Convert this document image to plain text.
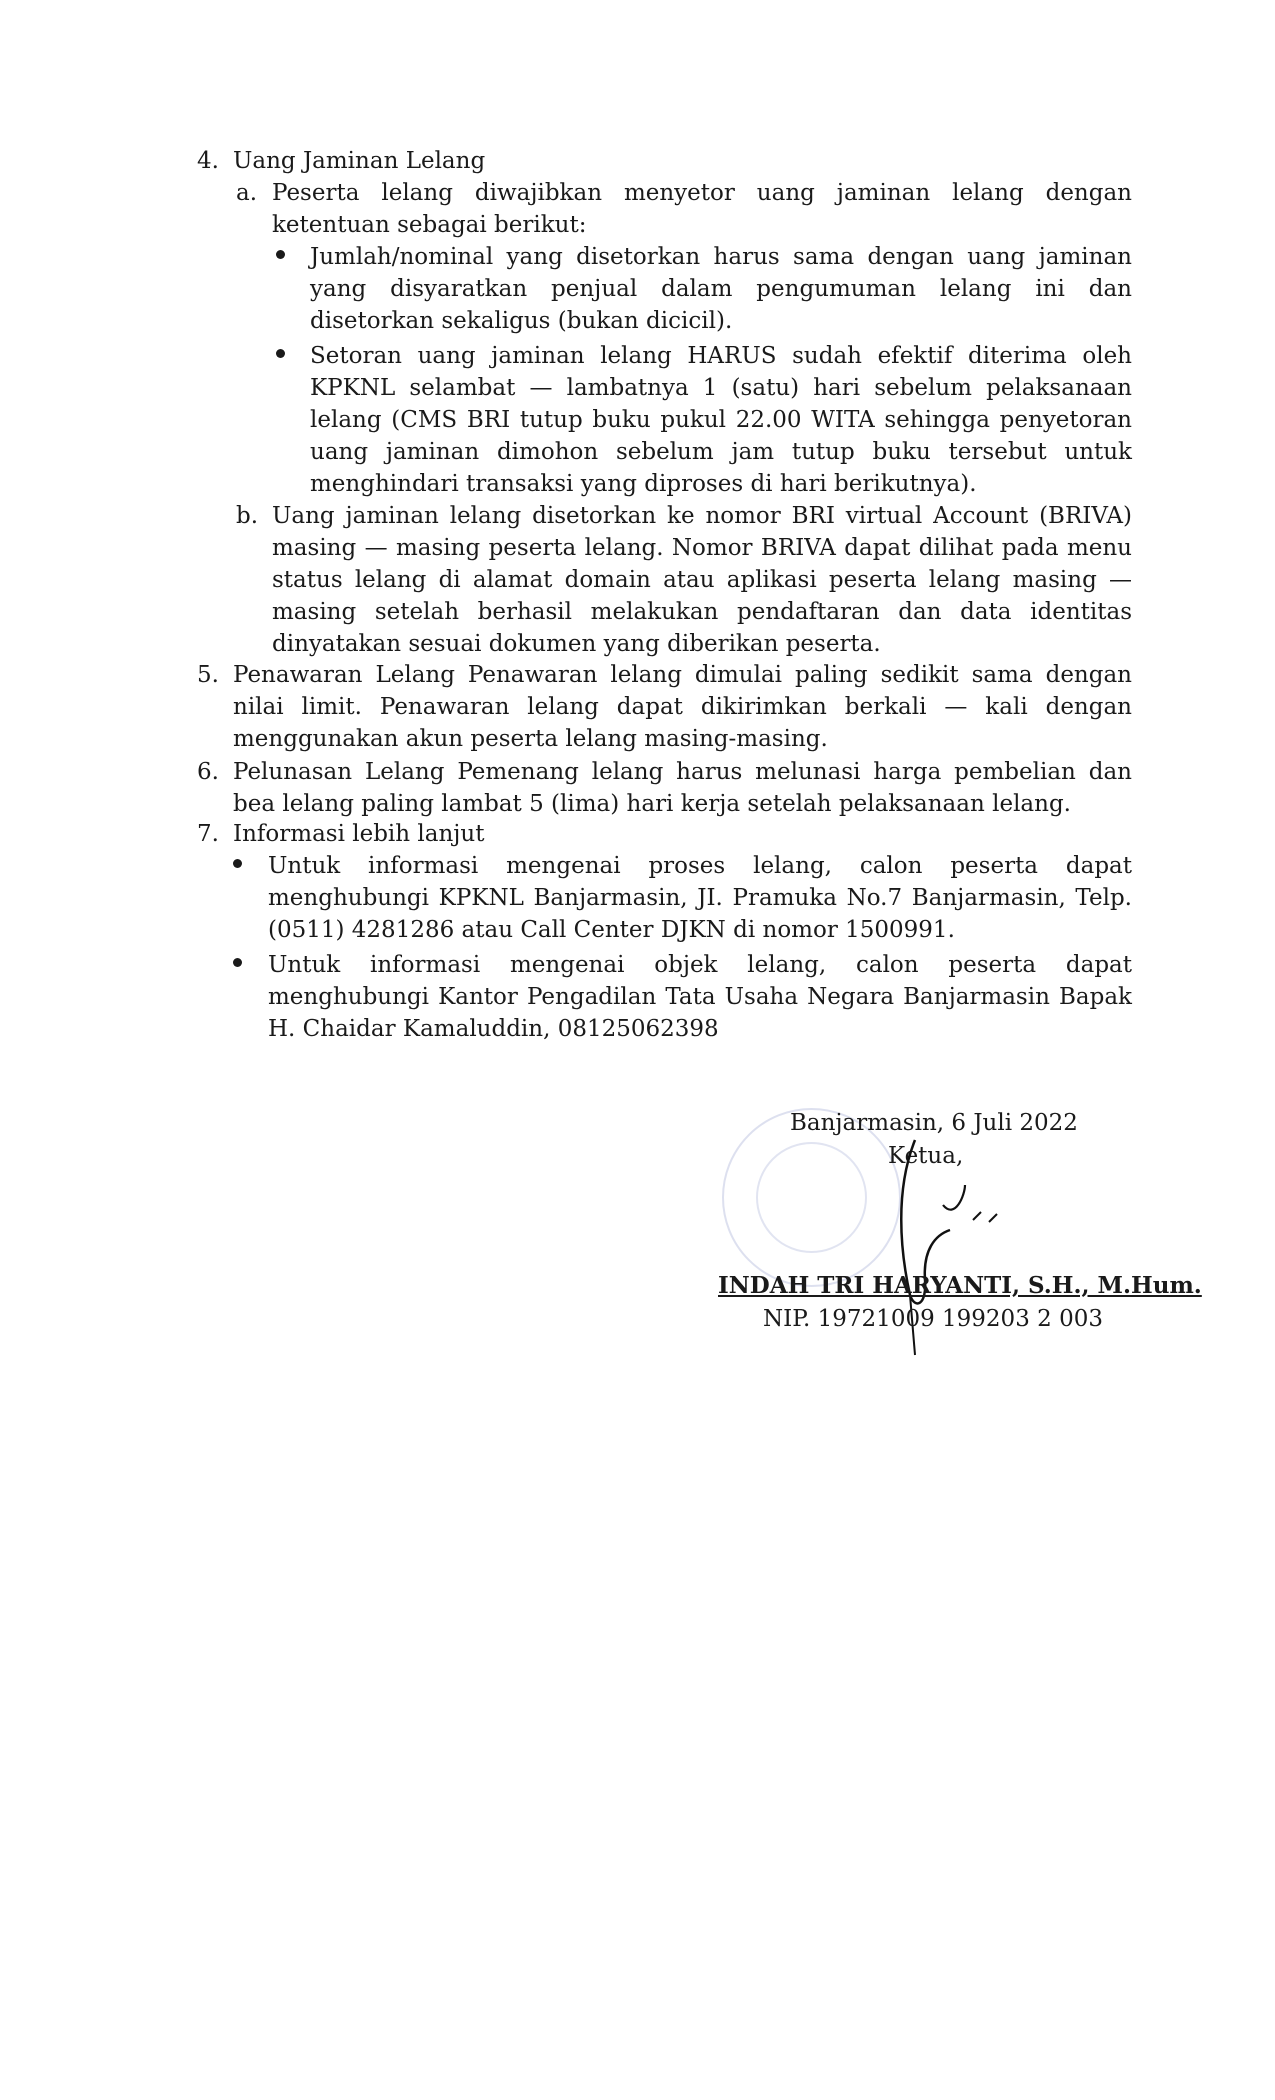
4. Uang Jaminan Lelang
a. Peserta lelang diwajibkan menyetor uang jaminan lelang dengan ketentuan sebagai berikut:
Jumlah/nominal yang disetorkan harus sama dengan uang jaminan yang disyaratkan penjual dalam pengumuman lelang ini dan disetorkan sekaligus (bukan dicicil).
Setoran uang jaminan lelang HARUS sudah efektif diterima oleh KPKNL selambat — lambatnya 1 (satu) hari sebelum pelaksanaan lelang (CMS BRI tutup buku pukul 22.00 WITA sehingga penyetoran uang jaminan dimohon sebelum jam tutup buku tersebut untuk menghindari transaksi yang diproses di hari berikutnya).
b. Uang jaminan lelang disetorkan ke nomor BRI virtual Account (BRIVA) masing — masing peserta lelang. Nomor BRIVA dapat dilihat pada menu status lelang di alamat domain atau aplikasi peserta lelang masing — masing setelah berhasil melakukan pendaftaran dan data identitas dinyatakan sesuai dokumen yang diberikan peserta.
5. Penawaran Lelang Penawaran lelang dimulai paling sedikit sama dengan nilai limit. Penawaran lelang dapat dikirimkan berkali — kali dengan menggunakan akun peserta lelang masing-masing.
6. Pelunasan Lelang Pemenang lelang harus melunasi harga pembelian dan bea lelang paling lambat 5 (lima) hari kerja setelah pelaksanaan lelang.
7. Informasi lebih lanjut
Untuk informasi mengenai proses lelang, calon peserta dapat menghubungi KPKNL Banjarmasin, JI. Pramuka No.7 Banjarmasin, Telp. (0511) 4281286 atau Call Center DJKN di nomor 1500991.
Untuk informasi mengenai objek lelang, calon peserta dapat menghubungi Kantor Pengadilan Tata Usaha Negara Banjarmasin Bapak H. Chaidar Kamaluddin, 08125062398
Banjarmasin, 6 Juli 2022
Ketua,
INDAH TRI HARYANTI, S.H., M.Hum.
NIP. 19721009 199203 2 003
